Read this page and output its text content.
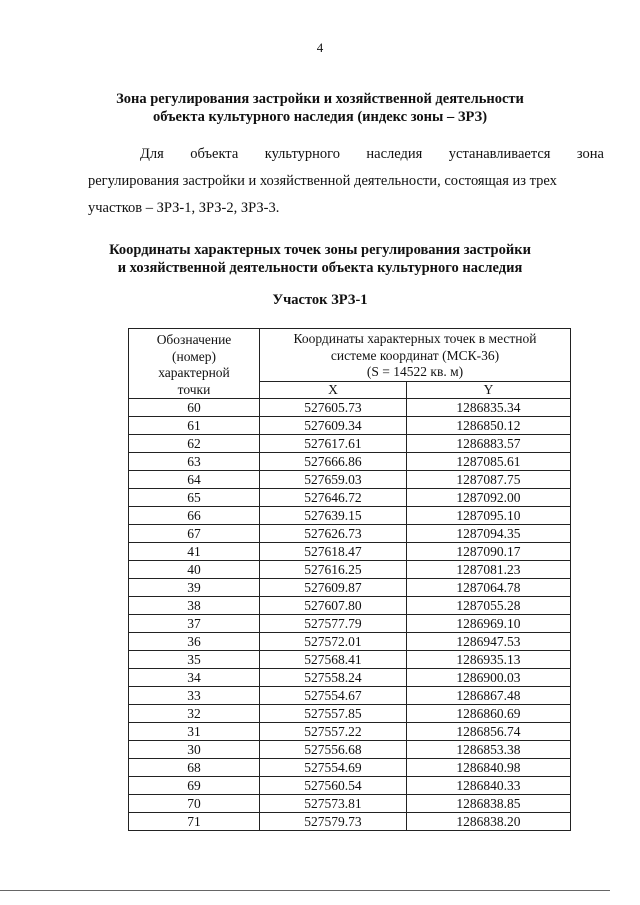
4
Зона регулирования застройки и хозяйственной деятельности
объекта культурного наследия (индекс зоны – ЗРЗ)
Для объекта культурного наследия устанавливается зона
регулирования застройки и хозяйственной деятельности, состоящая из трех
участков – ЗРЗ-1, ЗРЗ-2, ЗРЗ-3.
Координаты характерных точек зоны регулирования застройки
и хозяйственной деятельности объекта культурного наследия
Участок ЗРЗ-1
Обозначение
(номер)
характерной
точки	Координаты характерных точек в местной
системе координат (МСК-36)
(S = 14522 кв. м)	

	X	Y
60	527605.73	1286835.34
61	527609.34	1286850.12
62	527617.61	1286883.57
63	527666.86	1287085.61
64	527659.03	1287087.75
65	527646.72	1287092.00
66	527639.15	1287095.10
67	527626.73	1287094.35
41	527618.47	1287090.17
40	527616.25	1287081.23
39	527609.87	1287064.78
38	527607.80	1287055.28
37	527577.79	1286969.10
36	527572.01	1286947.53
35	527568.41	1286935.13
34	527558.24	1286900.03
33	527554.67	1286867.48
32	527557.85	1286860.69
31	527557.22	1286856.74
30	527556.68	1286853.38
68	527554.69	1286840.98
69	527560.54	1286840.33
70	527573.81	1286838.85
71	527579.73	1286838.20
